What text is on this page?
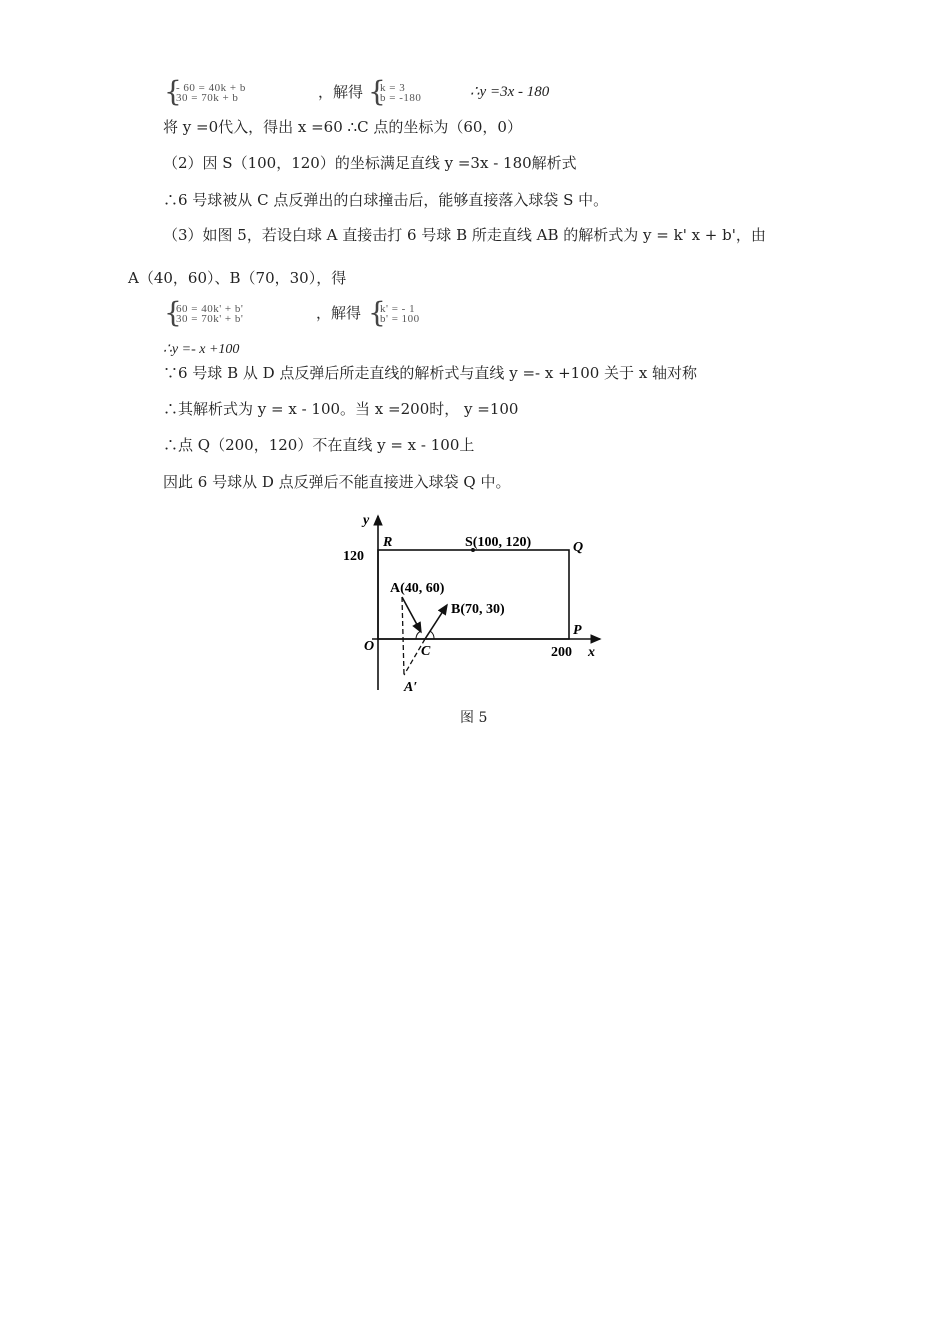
{
- 60 = 40k + b
30 = 70k + b	，解得 {
k = 3
b = -180	∴y =3x - 180
将 y =0代入，得出 x =60 ∴C 点的坐标为（60，0）
（2）因 S（100，120）的坐标满足直线 y =3x - 180解析式
∴6 号球被从 C 点反弹出的白球撞击后，能够直接落入球袋 S 中。
（3）如图 5，若设白球 A 直接击打 6 号球 B 所走直线 AB 的解析式为 y = k' x + b'，由
A（40，60）、B（70，30），得
{
60 = 40k' + b'
30 = 70k' + b'	，解得 {
k' = - 1
b' = 100
∴y =- x +100
∵6 号球 B 从 D 点反弹后所走直线的解析式与直线 y =- x +100 关于 x 轴对称
∴其解析式为 y = x - 100。当 x =200时， y =100
∴点 Q（200，120）不在直线 y = x - 100上
因此 6 号球从 D 点反弹后不能直接进入球袋 Q 中。
y
x
O
120
200
R	S(100, 120)	Q
P
A(40, 60)
B(70, 30)
C
A′
图 5
